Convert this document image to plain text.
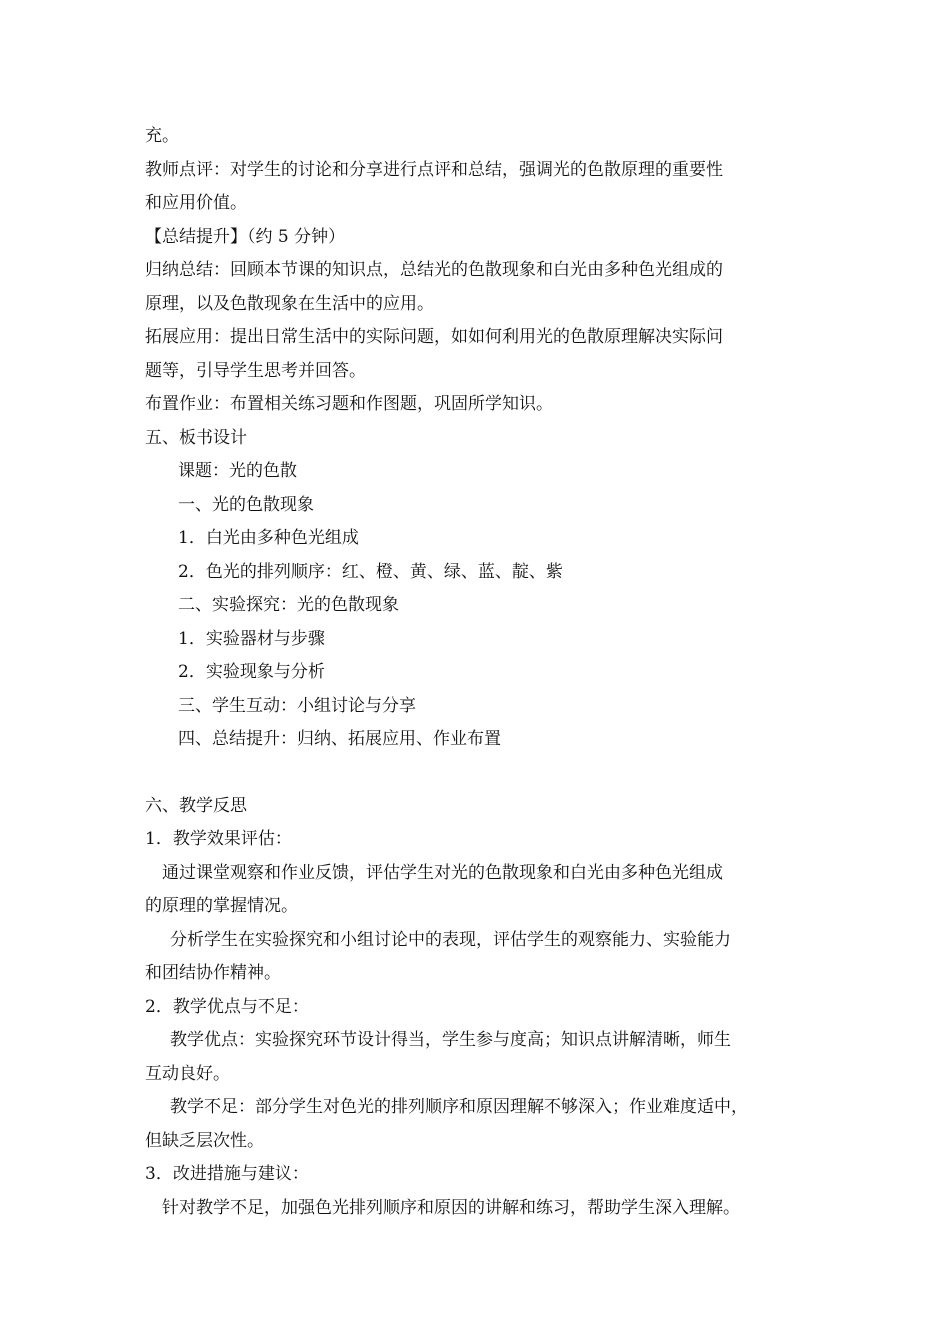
充。

教师点评：对学生的讨论和分享进行点评和总结，强调光的色散原理的重要性

和应用价值。

【总结提升】（约 5 分钟）

归纳总结：回顾本节课的知识点，总结光的色散现象和白光由多种色光组成的

原理，以及色散现象在生活中的应用。

拓展应用：提出日常生活中的实际问题，如如何利用光的色散原理解决实际问

题等，引导学生思考并回答。

布置作业：布置相关练习题和作图题，巩固所学知识。

五、板书设计

课题：光的色散

一、光的色散现象

1．白光由多种色光组成

2．色光的排列顺序：红、橙、黄、绿、蓝、靛、紫

二、实验探究：光的色散现象

1．实验器材与步骤

2．实验现象与分析

三、学生互动：小组讨论与分享

四、总结提升：归纳、拓展应用、作业布置

六、教学反思

1．教学效果评估：

通过课堂观察和作业反馈，评估学生对光的色散现象和白光由多种色光组成

的原理的掌握情况。

分析学生在实验探究和小组讨论中的表现，评估学生的观察能力、实验能力

和团结协作精神。

2．教学优点与不足：

教学优点：实验探究环节设计得当，学生参与度高；知识点讲解清晰，师生

互动良好。

教学不足：部分学生对色光的排列顺序和原因理解不够深入；作业难度适中，

但缺乏层次性。

3．改进措施与建议：

针对教学不足，加强色光排列顺序和原因的讲解和练习，帮助学生深入理解。
